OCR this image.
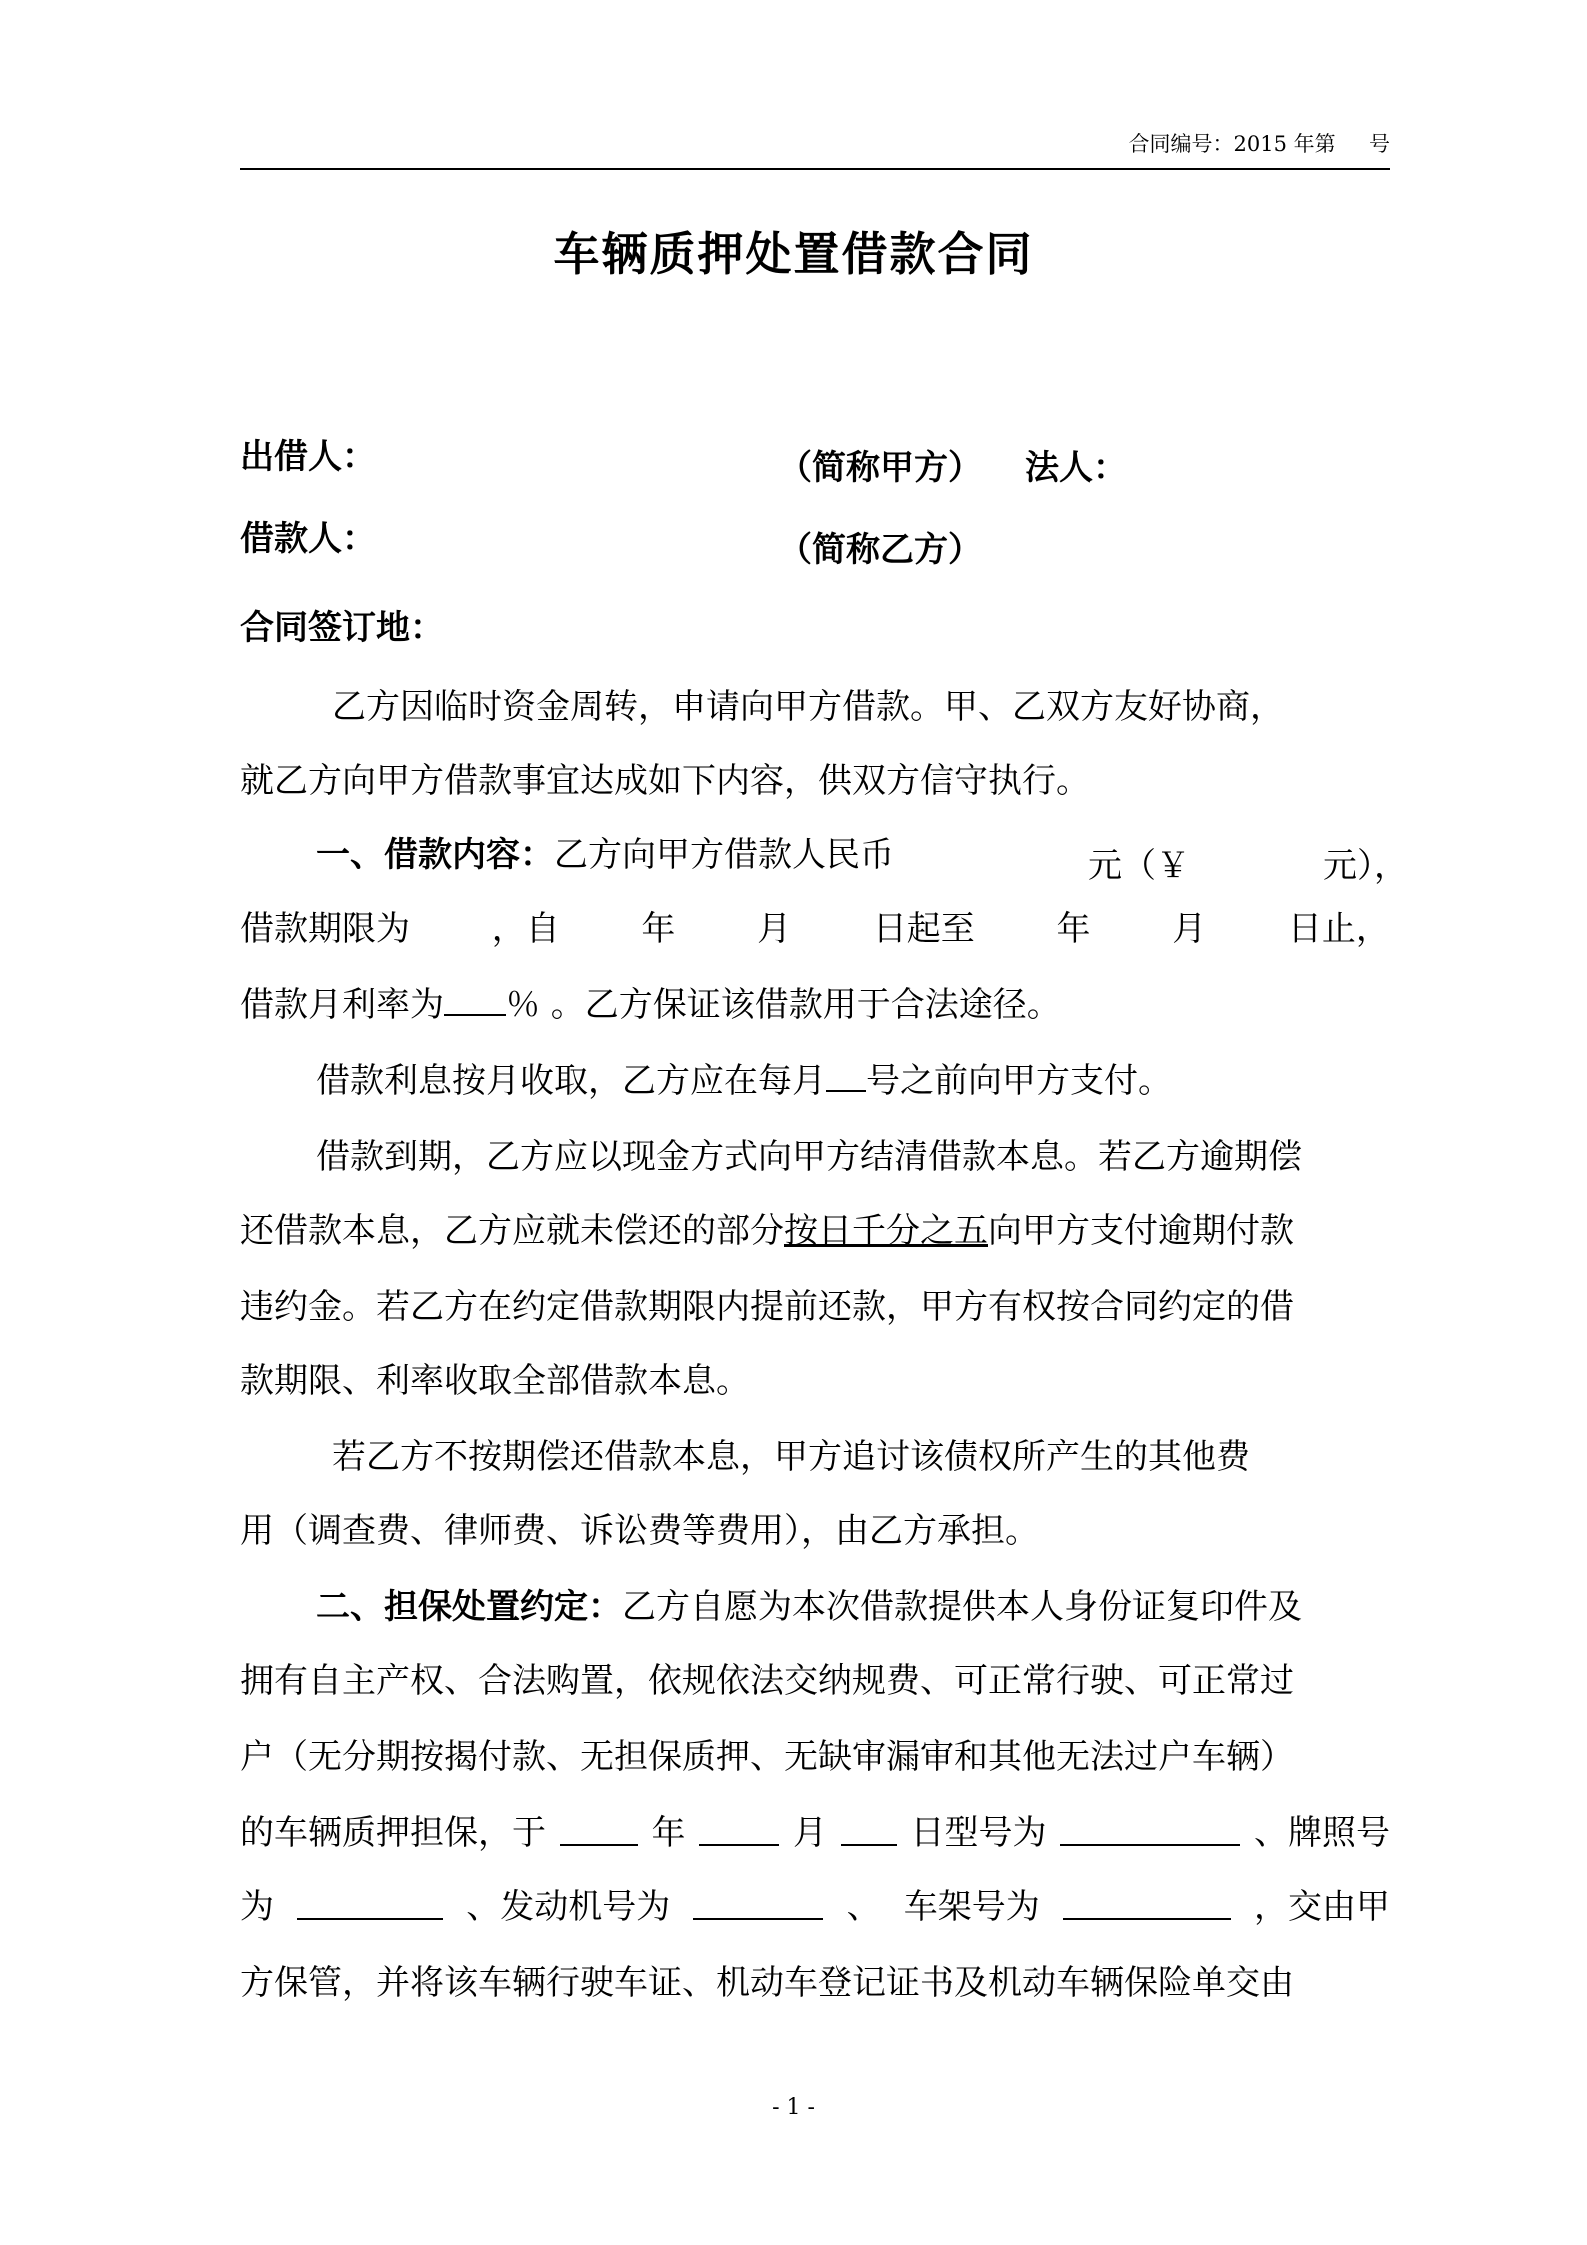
合同编号：2015 年第     号
车辆质押处置借款合同
出借人：	（简称甲方） 法人：
借款人：	（简称乙方）
合同签订地：
乙方因临时资金周转，申请向甲方借款。甲、乙双方友好协商，
就乙方向甲方借款事宜达成如下内容，供双方信守执行。
一、借款内容：乙方向甲方借款人民币	元（￥	元），
借款期限为 ，自 年 月 日起至 年 月 日止，
借款月利率为 ％ 。乙方保证该借款用于合法途径。
借款利息按月收取，乙方应在每月 号之前向甲方支付。
借款到期，乙方应以现金方式向甲方结清借款本息。若乙方逾期偿
还借款本息，乙方应就未偿还的部分按日千分之五向甲方支付逾期付款
违约金。若乙方在约定借款期限内提前还款，甲方有权按合同约定的借
款期限、利率收取全部借款本息。
若乙方不按期偿还借款本息，甲方追讨该债权所产生的其他费
用（调查费、律师费、诉讼费等费用），由乙方承担。
二、担保处置约定：乙方自愿为本次借款提供本人身份证复印件及
拥有自主产权、合法购置，依规依法交纳规费、可正常行驶、可正常过
户（无分期按揭付款、无担保质押、无缺审漏审和其他无法过户车辆）
的车辆质押担保，于	年	月 日型号为	、牌照号
为	、发动机号为	、 车架号为	，交由甲
方保管，并将该车辆行驶车证、机动车登记证书及机动车辆保险单交由
- 1 -
